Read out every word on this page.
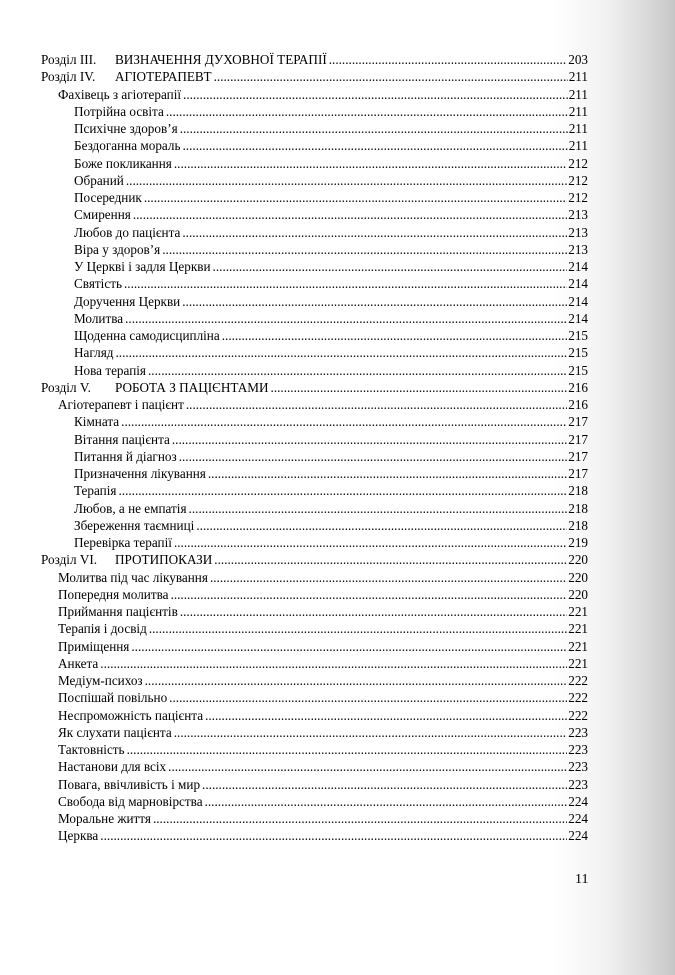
Розділ III. ВИЗНАЧЕННЯ ДУХОВНОЇ ТЕРАПІЇ .....	203
Розділ IV. АГІОТЕРАПЕВТ .....	211
Фахівець з агіотерапії .....	211
Потрійна освіта .....	211
Психічне здоров’я .....	211
Бездоганна мораль .....	211
Боже покликання .....	212
Обраний .....	212
Посередник .....	212
Смирення .....	213
Любов до пацієнта .....	213
Віра у здоров’я .....	213
У Церкві і задля Церкви .....	214
Святість .....	214
Доручення Церкви .....	214
Молитва .....	214
Щоденна самодисципліна .....	215
Нагляд .....	215
Нова терапія .....	215
Розділ V. РОБОТА З ПАЦІЄНТАМИ .....	216
Агіотерапевт і пацієнт .....	216
Кімната .....	217
Вітання пацієнта .....	217
Питання й діагноз .....	217
Призначення лікування .....	217
Терапія .....	218
Любов, а не емпатія .....	218
Збереження таємниці .....	218
Перевірка терапії .....	219
Розділ VI. ПРОТИПОКАЗИ .....	220
Молитва під час лікування .....	220
Попередня молитва .....	220
Приймання пацієнтів .....	221
Терапія і досвід .....	221
Приміщення .....	221
Анкета .....	221
Медіум-психоз .....	222
Поспішай повільно .....	222
Неспроможність пацієнта .....	222
Як слухати пацієнта .....	223
Тактовність .....	223
Настанови для всіх .....	223
Повага, ввічливість і мир .....	223
Свобода від марновірства .....	224
Моральне життя .....	224
Церква .....	224
11
